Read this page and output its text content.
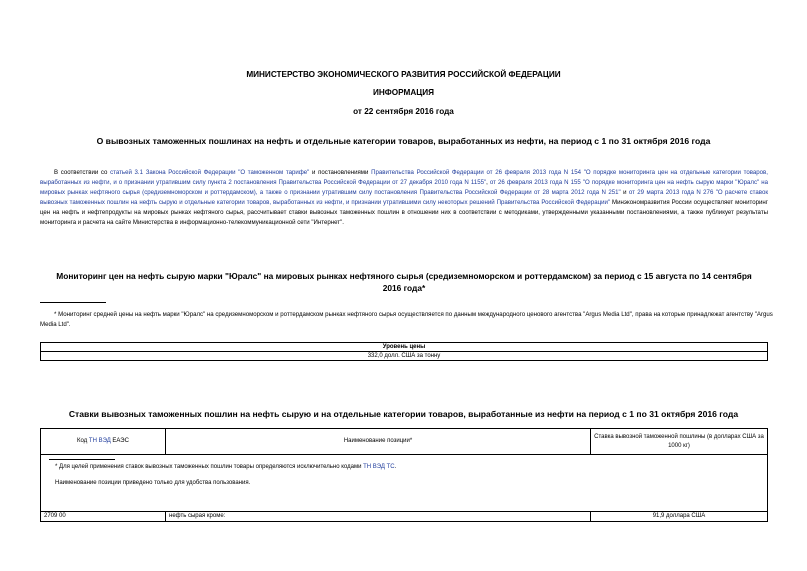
МИНИСТЕРСТВО ЭКОНОМИЧЕСКОГО РАЗВИТИЯ РОССИЙСКОЙ ФЕДЕРАЦИИ
ИНФОРМАЦИЯ
от 22 сентября 2016 года
О вывозных таможенных пошлинах на нефть и отдельные категории товаров, выработанных из нефти, на период с 1 по 31 октября 2016 года
В соответствии со статьей 3.1 Закона Российской Федерации "О таможенном тарифе" и постановлениями Правительства Российской Федерации от 26 февраля 2013 года N 154 "О порядке мониторинга цен на отдельные категории товаров, выработанных из нефти, и о признании утратившим силу пункта 2 постановления Правительства Российской Федерации от 27 декабря 2010 года N 1155", от 26 февраля 2013 года N 155 "О порядке мониторинга цен на нефть сырую марки "Юралс" на мировых рынках нефтяного сырья (средиземноморском и роттердамском), а также о признании утратившим силу постановления Правительства Российской Федерации от 28 марта 2012 года N 251" и от 29 марта 2013 года N 276 "О расчете ставок вывозных таможенных пошлин на нефть сырую и отдельные категории товаров, выработанных из нефти, и признании утратившими силу некоторых решений Правительства Российской Федерации" Минэкономразвития России осуществляет мониторинг цен на нефть и нефтепродукты на мировых рынках нефтяного сырья, рассчитывает ставки вывозных таможенных пошлин в отношении них в соответствии с методиками, утвержденными указанными постановлениями, а также публикует результаты мониторинга и расчета на сайте Министерства в информационно-телекоммуникационной сети "Интернет".
Мониторинг цен на нефть сырую марки "Юралс" на мировых рынках нефтяного сырья (средиземноморском и роттердамском) за период с 15 августа по 14 сентября 2016 года*
* Мониторинг средней цены на нефть марки "Юралс" на средиземноморском и роттердамском рынках нефтяного сырья осуществляется по данным международного ценового агентства "Argus Media Ltd", права на которые принадлежат агентству "Argus Media Ltd".
Уровень цены
332,0 долл. США за тонну
Ставки вывозных таможенных пошлин на нефть сырую и на отдельные категории товаров, выработанные из нефти на период с 1 по 31 октября 2016 года
Код ТН ВЭД ЕАЭС	Наименование позиции*	Ставка вывозной таможенной пошлины (в долларах США за 1000 кг)

* Для целей применения ставок вывозных таможенных пошлин товары определяются исключительно кодами ТН ВЭД ТС.
Наименование позиции приведено только для удобства пользования.		

2709 00	нефть сырая кроме:	91,9 доллара США
